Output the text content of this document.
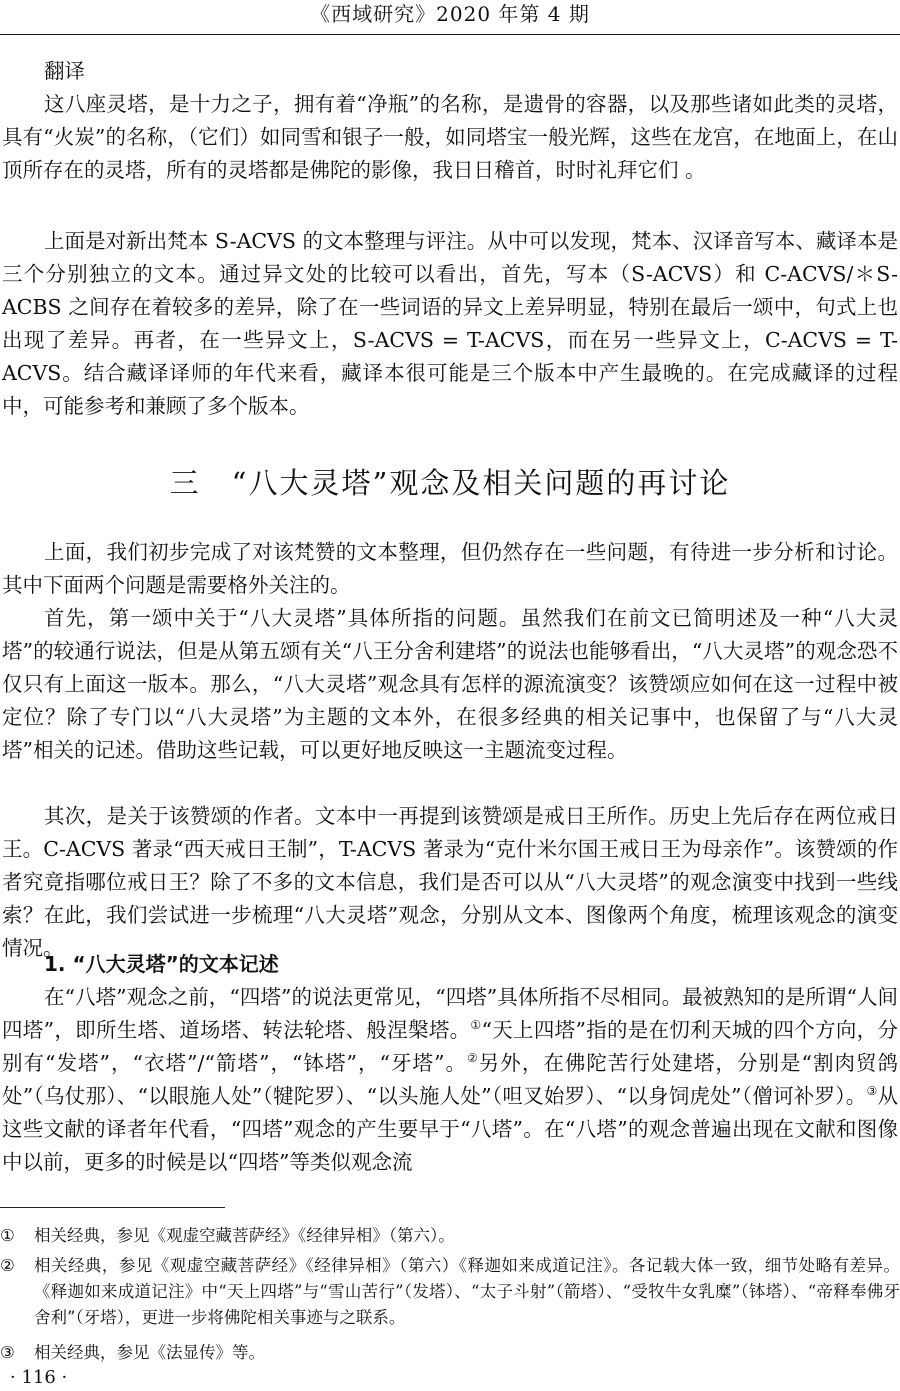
《西域研究》2020 年第 4 期

翻译

这八座灵塔，是十力之子，拥有着“净瓶”的名称，是遗骨的容器，以及那些诸如此类的灵塔，具有“火炭”的名称，（它们）如同雪和银子一般，如同塔宝一般光辉，这些在龙宫，在地面上，在山顶所存在的灵塔，所有的灵塔都是佛陀的影像，我日日稽首，时时礼拜它们 。

上面是对新出梵本 S-ACVS 的文本整理与评注。从中可以发现，梵本、汉译音写本、藏译本是三个分别独立的文本。通过异文处的比较可以看出，首先，写本（S-ACVS）和 C-ACVS/＊S-ACBS 之间存在着较多的差异，除了在一些词语的异文上差异明显，特别在最后一颂中，句式上也出现了差异。再者，在一些异文上，S-ACVS = T-ACVS，而在另一些异文上，C-ACVS = T-ACVS。结合藏译译师的年代来看，藏译本很可能是三个版本中产生最晚的。在完成藏译的过程中，可能参考和兼顾了多个版本。

三　“八大灵塔”观念及相关问题的再讨论

上面，我们初步完成了对该梵赞的文本整理，但仍然存在一些问题，有待进一步分析和讨论。其中下面两个问题是需要格外关注的。

首先，第一颂中关于“八大灵塔”具体所指的问题。虽然我们在前文已简明述及一种“八大灵塔”的较通行说法，但是从第五颂有关“八王分舍利建塔”的说法也能够看出，“八大灵塔”的观念恐不仅只有上面这一版本。那么，“八大灵塔”观念具有怎样的源流演变？该赞颂应如何在这一过程中被定位？除了专门以“八大灵塔”为主题的文本外，在很多经典的相关记事中，也保留了与“八大灵塔”相关的记述。借助这些记载，可以更好地反映这一主题流变过程。

其次，是关于该赞颂的作者。文本中一再提到该赞颂是戒日王所作。历史上先后存在两位戒日王。C-ACVS 著录“西天戒日王制”，T-ACVS 著录为“克什米尔国王戒日王为母亲作”。该赞颂的作者究竟指哪位戒日王？除了不多的文本信息，我们是否可以从“八大灵塔”的观念演变中找到一些线索？在此，我们尝试进一步梳理“八大灵塔”观念，分别从文本、图像两个角度，梳理该观念的演变情况。

1. “八大灵塔”的文本记述

在“八塔”观念之前，“四塔”的说法更常见，“四塔”具体所指不尽相同。最被熟知的是所谓“人间四塔”，即所生塔、道场塔、转法轮塔、般涅槃塔。①“天上四塔”指的是在忉利天城的四个方向，分别有“发塔”，“衣塔”/“箭塔”，“钵塔”，“牙塔”。②另外，在佛陀苦行处建塔，分别是“割肉贸鸽处”（乌仗那）、“以眼施人处”（犍陀罗）、“以头施人处”（呾叉始罗）、“以身饲虎处”（僧诃补罗）。③从这些文献的译者年代看，“四塔”观念的产生要早于“八塔”。在“八塔”的观念普遍出现在文献和图像中以前，更多的时候是以“四塔”等类似观念流

①	相关经典，参见《观虚空藏菩萨经》《经律异相》（第六）。
②	相关经典，参见《观虚空藏菩萨经》《经律异相》（第六）《释迦如来成道记注》。各记载大体一致，细节处略有差异。《释迦如来成道记注》中“天上四塔”与“雪山苦行”（发塔）、“太子斗射”（箭塔）、“受牧牛女乳糜”（钵塔）、“帝释奉佛牙舍利”（牙塔），更进一步将佛陀相关事迹与之联系。
③	相关经典，参见《法显传》等。
· 116 ·
